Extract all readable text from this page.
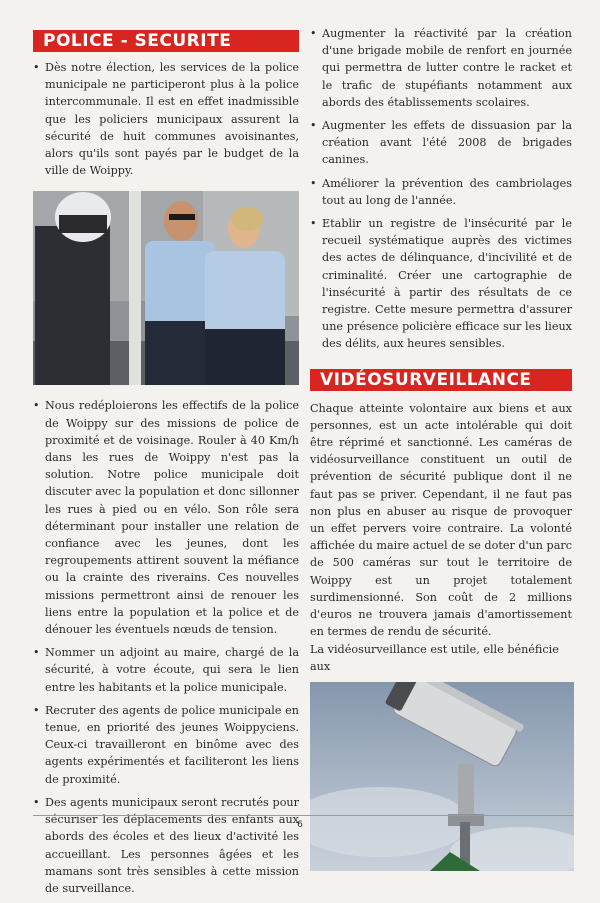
POLICE - SECURITE
• Dès notre élection, les services de la police municipale ne participeront plus à la police intercommunale. Il est en effet inadmissible que les policiers municipaux assurent la sécurité de huit communes avoisinantes, alors qu'ils sont payés par le budget de la ville de Woippy.
• Nous redéploierons les effectifs de la police de Woippy sur des missions de police de proximité et de voisinage. Rouler à 40 Km/h dans les rues de Woippy n'est pas la solution. Notre police municipale doit discuter avec la population et donc sillonner les rues à pied ou en vélo. Son rôle sera déterminant pour installer une relation de confiance avec les jeunes, dont les regroupements attirent souvent la méfiance ou la crainte des riverains. Ces nouvelles missions permettront ainsi de renouer les liens entre la population et la police et de dénouer les éventuels nœuds de tension.
• Nommer un adjoint au maire, chargé de la sécurité, à votre écoute, qui sera le lien entre les habitants et la police municipale.
• Recruter des agents de police municipale en tenue, en priorité des jeunes Woippyciens. Ceux-ci travailleront en binôme avec des agents expérimentés et faciliteront les liens de proximité.
• Des agents municipaux seront recrutés pour sécuriser les déplacements des enfants aux abords des écoles et des lieux d'activité les accueillant. Les personnes âgées et les mamans sont très sensibles à cette mission de surveillance.
• Augmenter la réactivité par la création d'une brigade mobile de renfort en journée qui permettra de lutter contre le racket et le trafic de stupéfiants notamment aux abords des établissements scolaires.
• Augmenter les effets de dissuasion par la création avant l'été 2008 de brigades canines.
• Améliorer la prévention des cambriolages tout au long de l'année.
• Etablir un registre de l'insécurité par le recueil systématique auprès des victimes des actes de délinquance, d'incivilité et de criminalité. Créer une cartographie de l'insécurité à partir des résultats de ce registre. Cette mesure permettra d'assurer une présence policière efficace sur les lieux des délits, aux heures sensibles.
VIDÉOSURVEILLANCE

Chaque atteinte volontaire aux biens et aux personnes, est un acte intolérable qui doit être réprimé et sanctionné. Les caméras de vidéosurveillance constituent un outil de prévention de sécurité publique dont il ne faut pas se priver. Cependant, il ne faut pas non plus en abuser au risque de provoquer un effet pervers voire contraire. La volonté affichée du maire actuel de se doter d'un parc de 500 caméras sur tout le territoire de Woippy est un projet totalement surdimensionné. Son coût de 2 millions d'euros ne trouvera jamais d'amortissement en termes de rendu de sécurité.

La vidéosurveillance est utile, elle bénéficie aux

6
